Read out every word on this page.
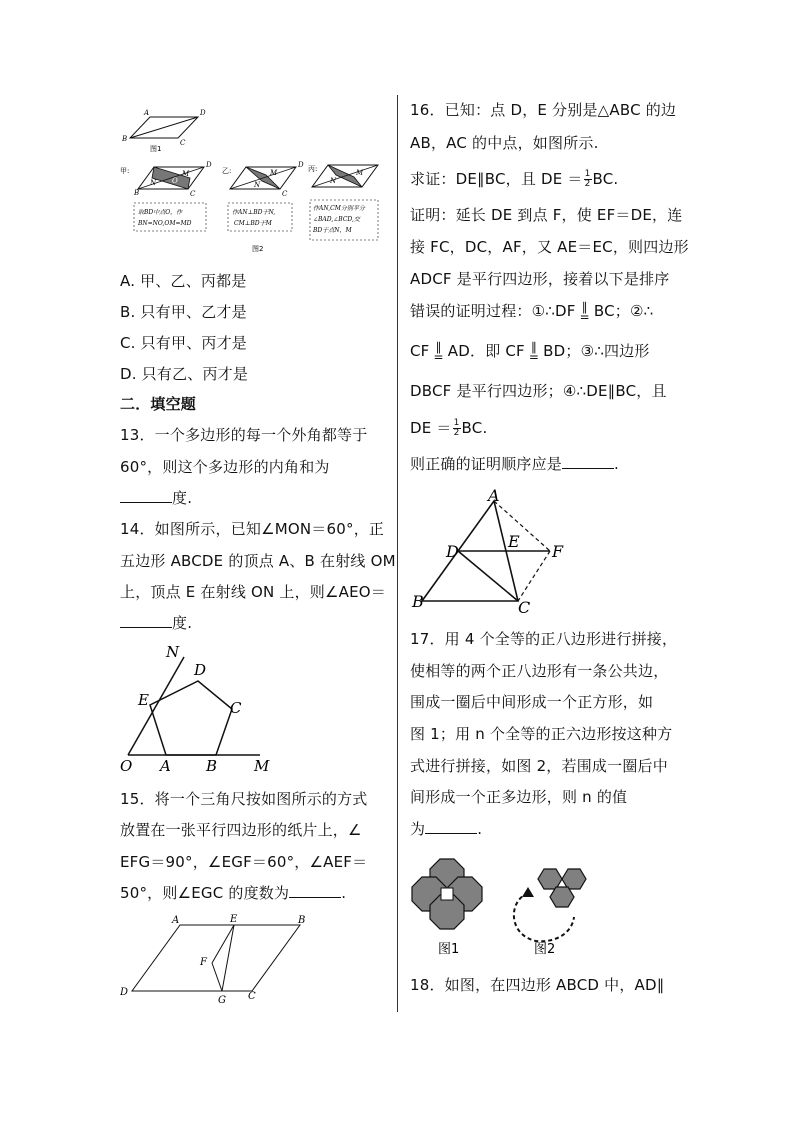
A	D
B	C
图1
甲:
O
M
N
B
D
C
取BD中点O，作
BN=NO,OM=MD
乙:	M
N
D
C
作AN⊥BD于N,
CM⊥BD于M
丙:	M
N
作AN,CM分别平分
∠BAD,∠BCD,交
BD于点N，M
图2
A. 甲、乙、丙都是
B. 只有甲、乙才是
C. 只有甲、丙才是
D. 只有乙、丙才是
二．填空题
13．一个多边形的每一个外角都等于
60°，则这个多边形的内角和为
度.
14．如图所示，已知∠MON＝60°，正
五边形 ABCDE 的顶点 A、B 在射线 OM
上，顶点 E 在射线 ON 上，则∠AEO＝
度.
N
D
E	C
O A B M
15．将一个三角尺按如图所示的方式
放置在一张平行四边形的纸片上，∠
EFG＝90°，∠EGF＝60°，∠AEF＝
50°，则∠EGC 的度数为	.
A	E	B
F
D
G C
16．已知：点 D，E 分别是△ABC 的边
AB，AC 的中点，如图所示.
求证：DE∥BC，且 DE ＝ $\frac{1}{2}$ BC.
证明：延长 DE 到点 F，使 EF＝DE，连
接 FC，DC，AF，又 AE＝EC，则四边形
ADCF 是平行四边形，接着以下是排序
错误的证明过程：①∴DF ∥
= BC；②∴
CF ∥
= AD．即 CF ∥
= BD；③∴四边形
DBCF 是平行四边形；④∴DE∥BC，且
DE ＝ $\frac{1}{2}$ BC.
则正确的证明顺序应是	.
A
D
E
F
B	C
17．用 4 个全等的正八边形进行拼接，
使相等的两个正八边形有一条公共边，
围成一圈后中间形成一个正方形，如
图 1；用 n 个全等的正六边形按这种方
式进行拼接，如图 2，若围成一圈后中
间形成一个正多边形，则 n 的值
为	.
图1	图2
18．如图，在四边形 ABCD 中，AD∥
